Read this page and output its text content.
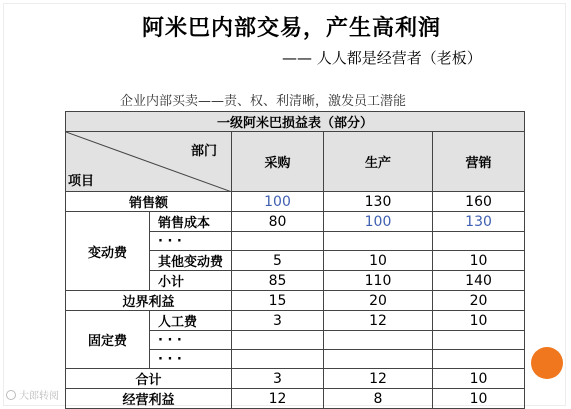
阿米巴内部交易，产生高利润
—— 人人都是经营者（老板）
企业内部买卖——责、权、利清晰，激发员工潜能
一级阿米巴损益表（部分）				

部门
项目		采购	生产	营销
销售额		100	130	160
变动费	销售成本	80	100	130
	· · ·			
	其他变动费	5	10	10
	小计	85	110	140
边界利益		15	20	20
固定费	人工费	3	12	10
	· · ·			
	· · ·			
合计		3	12	10
经营利益		12	8	10
大郎转阅
